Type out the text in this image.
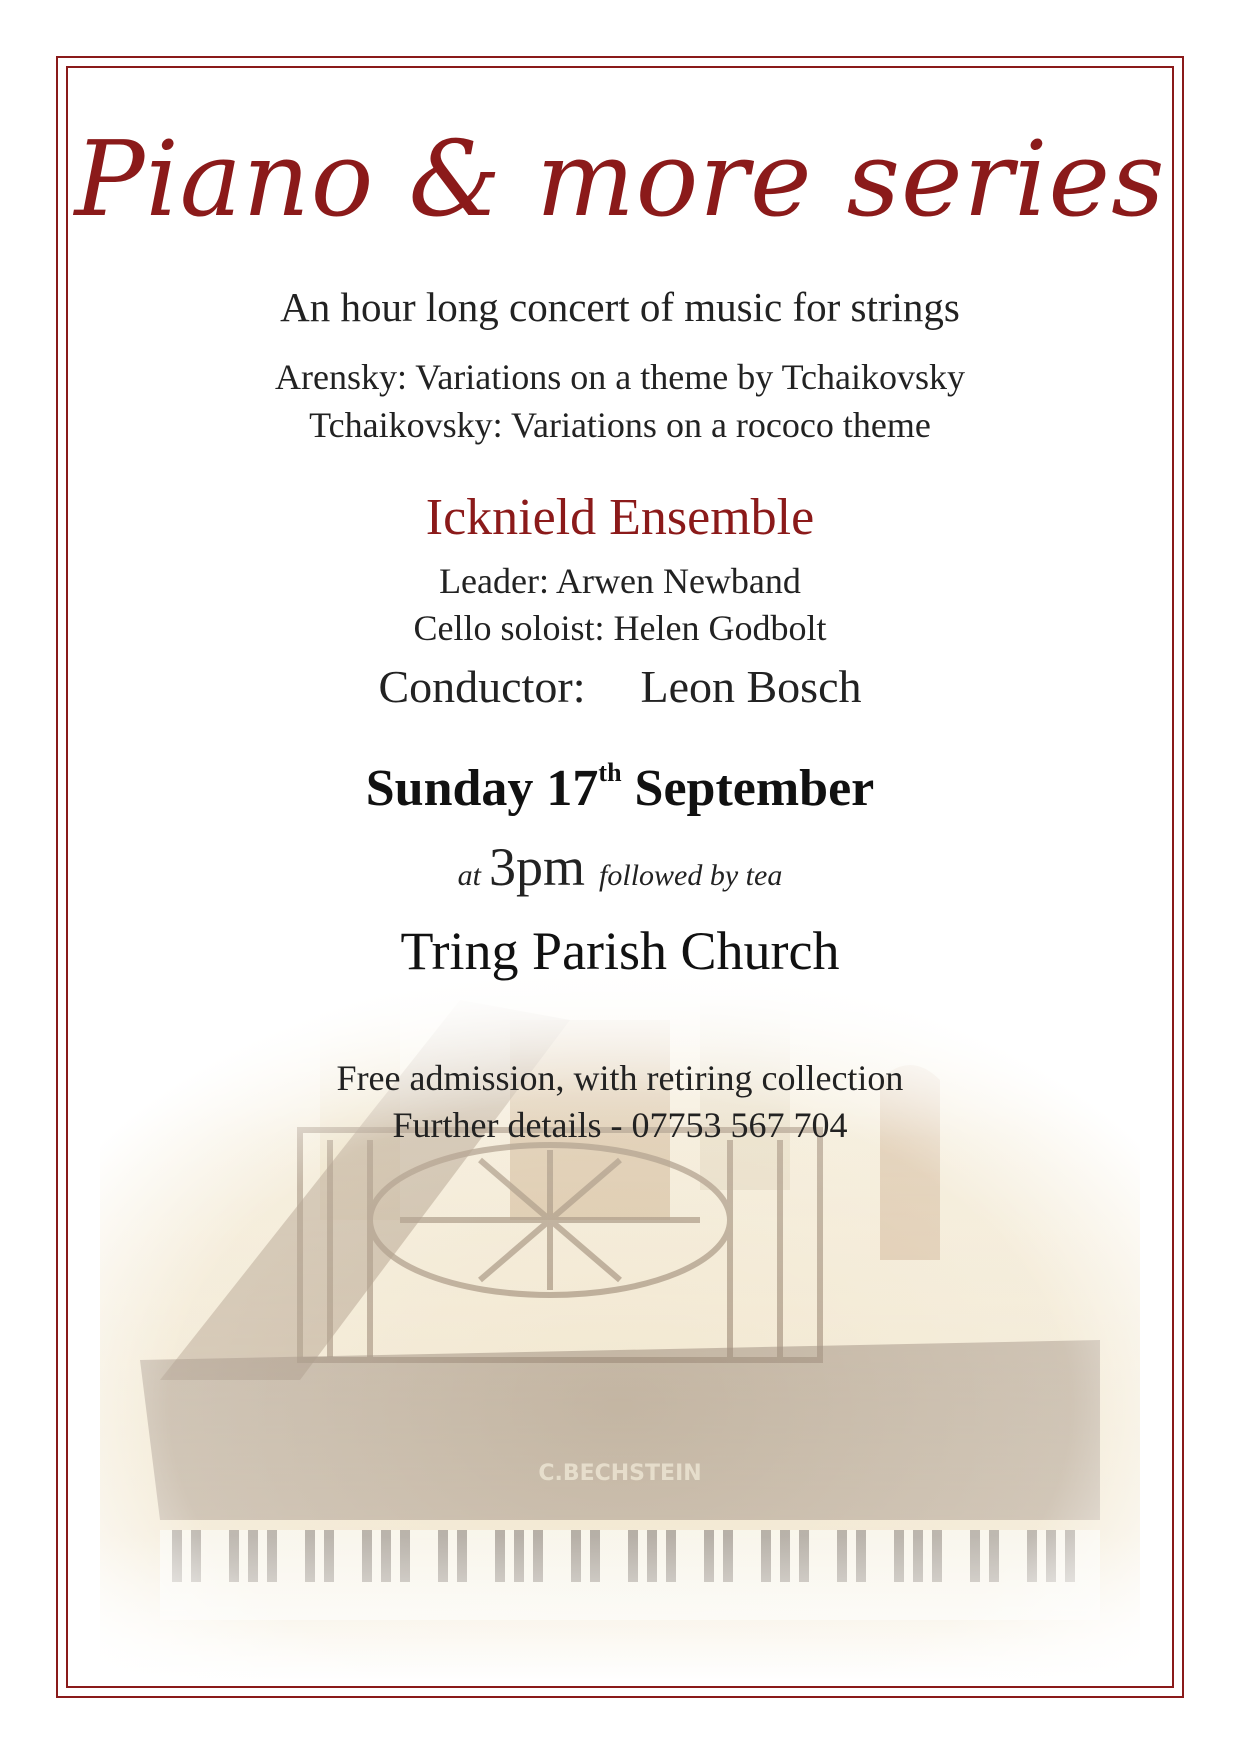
Piano & more series
An hour long concert of music for strings
Arensky: Variations on a theme by Tchaikovsky
Tchaikovsky: Variations on a rococo theme
Icknield Ensemble
Leader: Arwen Newband
Cello soloist: Helen Godbolt
Conductor: Leon Bosch
Sunday 17th September
at 3pm followed by tea
Tring Parish Church
Free admission, with retiring collection
Further details - 07753 567 704
